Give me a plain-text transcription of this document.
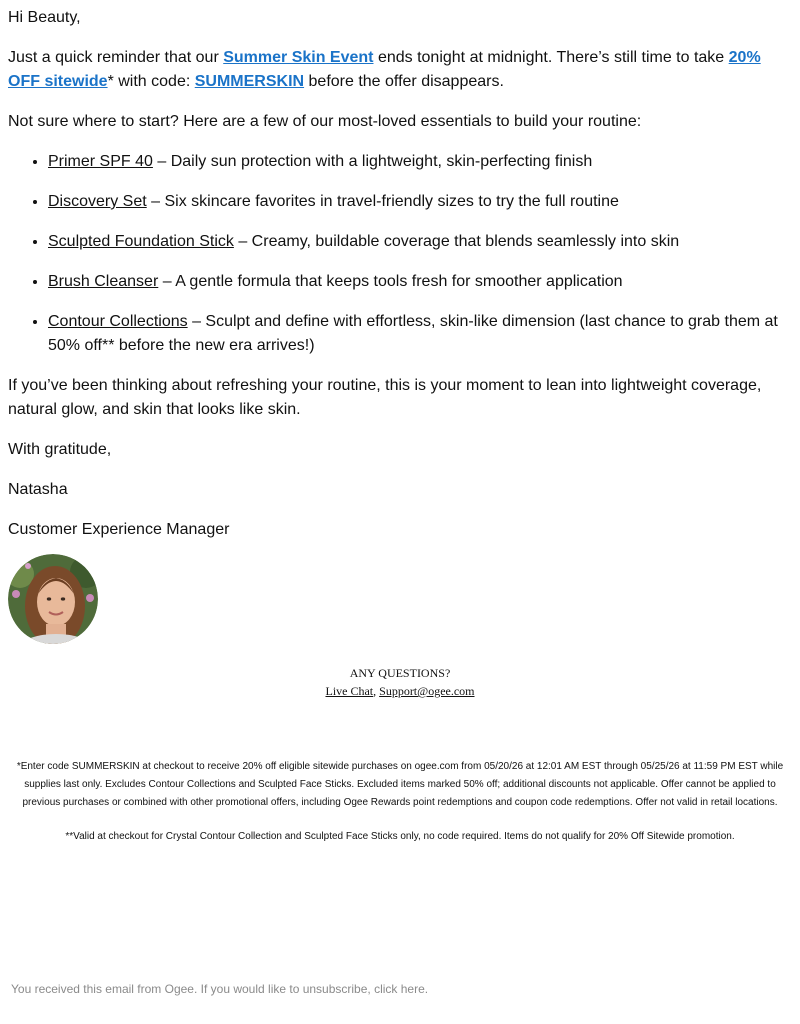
Hi Beauty,

Just a quick reminder that our Summer Skin Event ends tonight at midnight. There’s still time to take 20% OFF sitewide* with code: SUMMERSKIN before the offer disappears.

Not sure where to start? Here are a few of our most-loved essentials to build your routine:

• Primer SPF 40 – Daily sun protection with a lightweight, skin-perfecting finish
• Discovery Set – Six skincare favorites in travel-friendly sizes to try the full routine
• Sculpted Foundation Stick – Creamy, buildable coverage that blends seamlessly into skin
• Brush Cleanser – A gentle formula that keeps tools fresh for smoother application
• Contour Collections – Sculpt and define with effortless, skin-like dimension (last chance to grab them at 50% off** before the new era arrives!)

If you’ve been thinking about refreshing your routine, this is your moment to lean into lightweight coverage, natural glow, and skin that looks like skin.

With gratitude,

Natasha

Customer Experience Manager

ANY QUESTIONS?
Live Chat, Support@ogee.com

*Enter code SUMMERSKIN at checkout to receive 20% off eligible sitewide purchases on ogee.com from 05/20/26 at 12:01 AM EST through 05/25/26 at 11:59 PM EST while supplies last only. Excludes Contour Collections and Sculpted Face Sticks. Excluded items marked 50% off; additional discounts not applicable. Offer cannot be applied to previous purchases or combined with other promotional offers, including Ogee Rewards point redemptions and coupon code redemptions. Offer not valid in retail locations.

**Valid at checkout for Crystal Contour Collection and Sculpted Face Sticks only, no code required. Items do not qualify for 20% Off Sitewide promotion.

You received this email from Ogee. If you would like to unsubscribe, click here.
